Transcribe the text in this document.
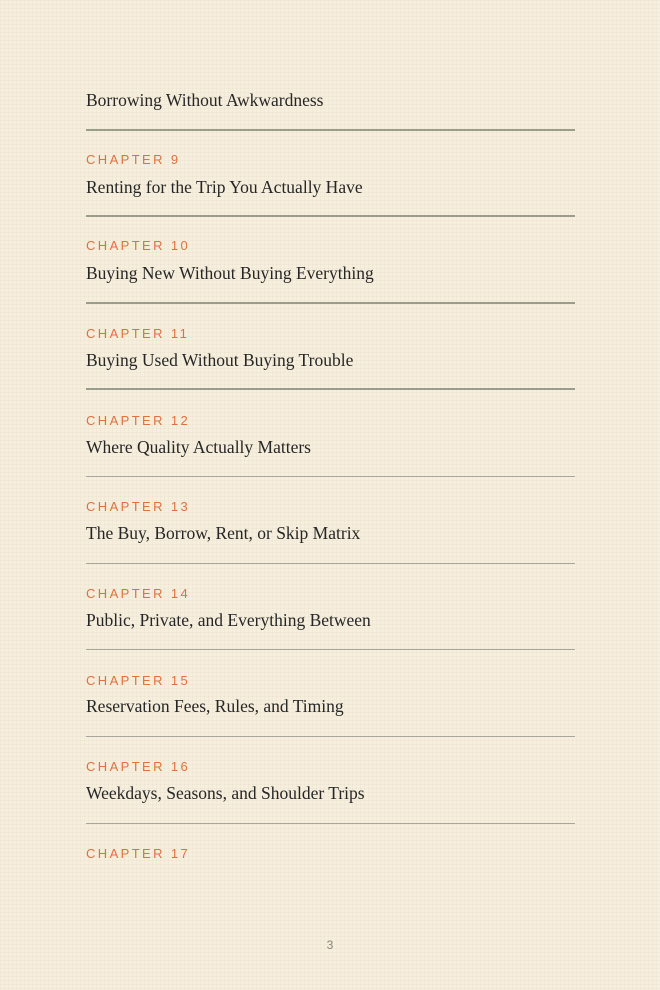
Borrowing Without Awkwardness
CHAPTER 9
Renting for the Trip You Actually Have
CHAPTER 10
Buying New Without Buying Everything
CHAPTER 11
Buying Used Without Buying Trouble
CHAPTER 12
Where Quality Actually Matters
CHAPTER 13
The Buy, Borrow, Rent, or Skip Matrix
CHAPTER 14
Public, Private, and Everything Between
CHAPTER 15
Reservation Fees, Rules, and Timing
CHAPTER 16
Weekdays, Seasons, and Shoulder Trips
CHAPTER 17
3
